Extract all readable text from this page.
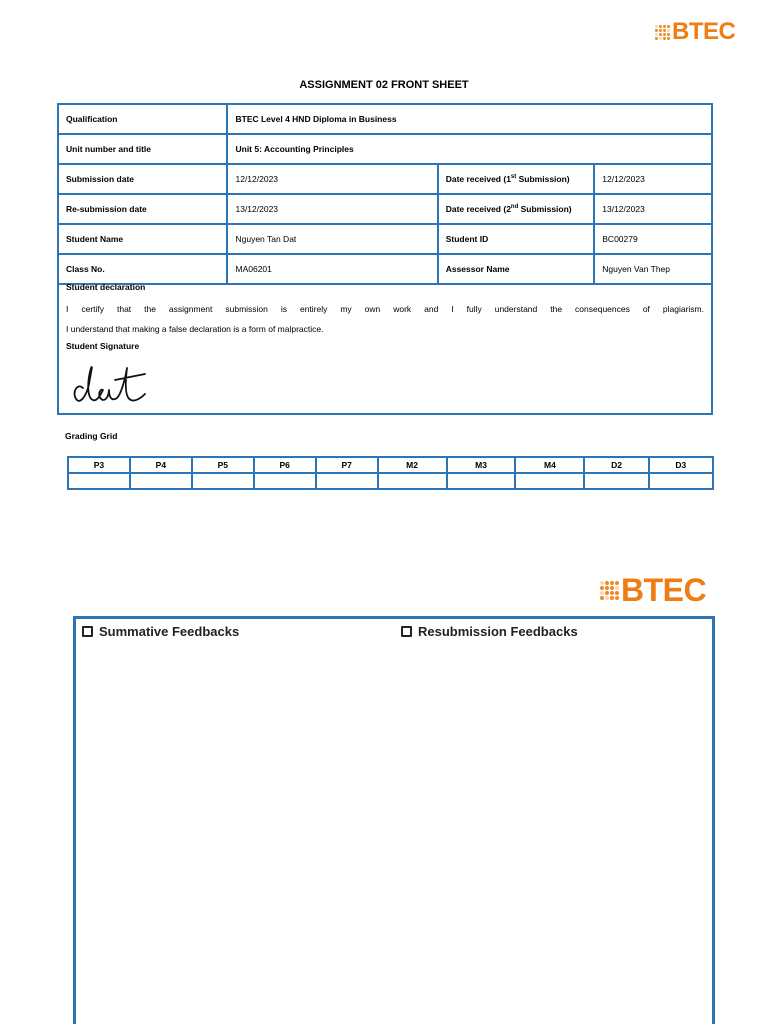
BTEC
ASSIGNMENT 02 FRONT SHEET
Qualification	BTEC Level 4 HND Diploma in Business		
Unit number and title	Unit 5: Accounting Principles		
Submission date	12/12/2023	Date received (1st Submission)	12/12/2023
Re-submission date	13/12/2023	Date received (2nd Submission)	13/12/2023
Student Name	Nguyen Tan Dat	Student ID	BC00279
Class No.	MA06201	Assessor Name	Nguyen Van Thep
Student declaration
I certify that the assignment submission is entirely my own work and I fully understand the consequences of plagiarism.
I understand that making a false declaration is a form of malpractice.
Student Signature
Grading Grid
P3	P4	P5	P6	P7	M2	M3	M4	D2	D3

BTEC
Summative Feedbacks	Resubmission Feedbacks
